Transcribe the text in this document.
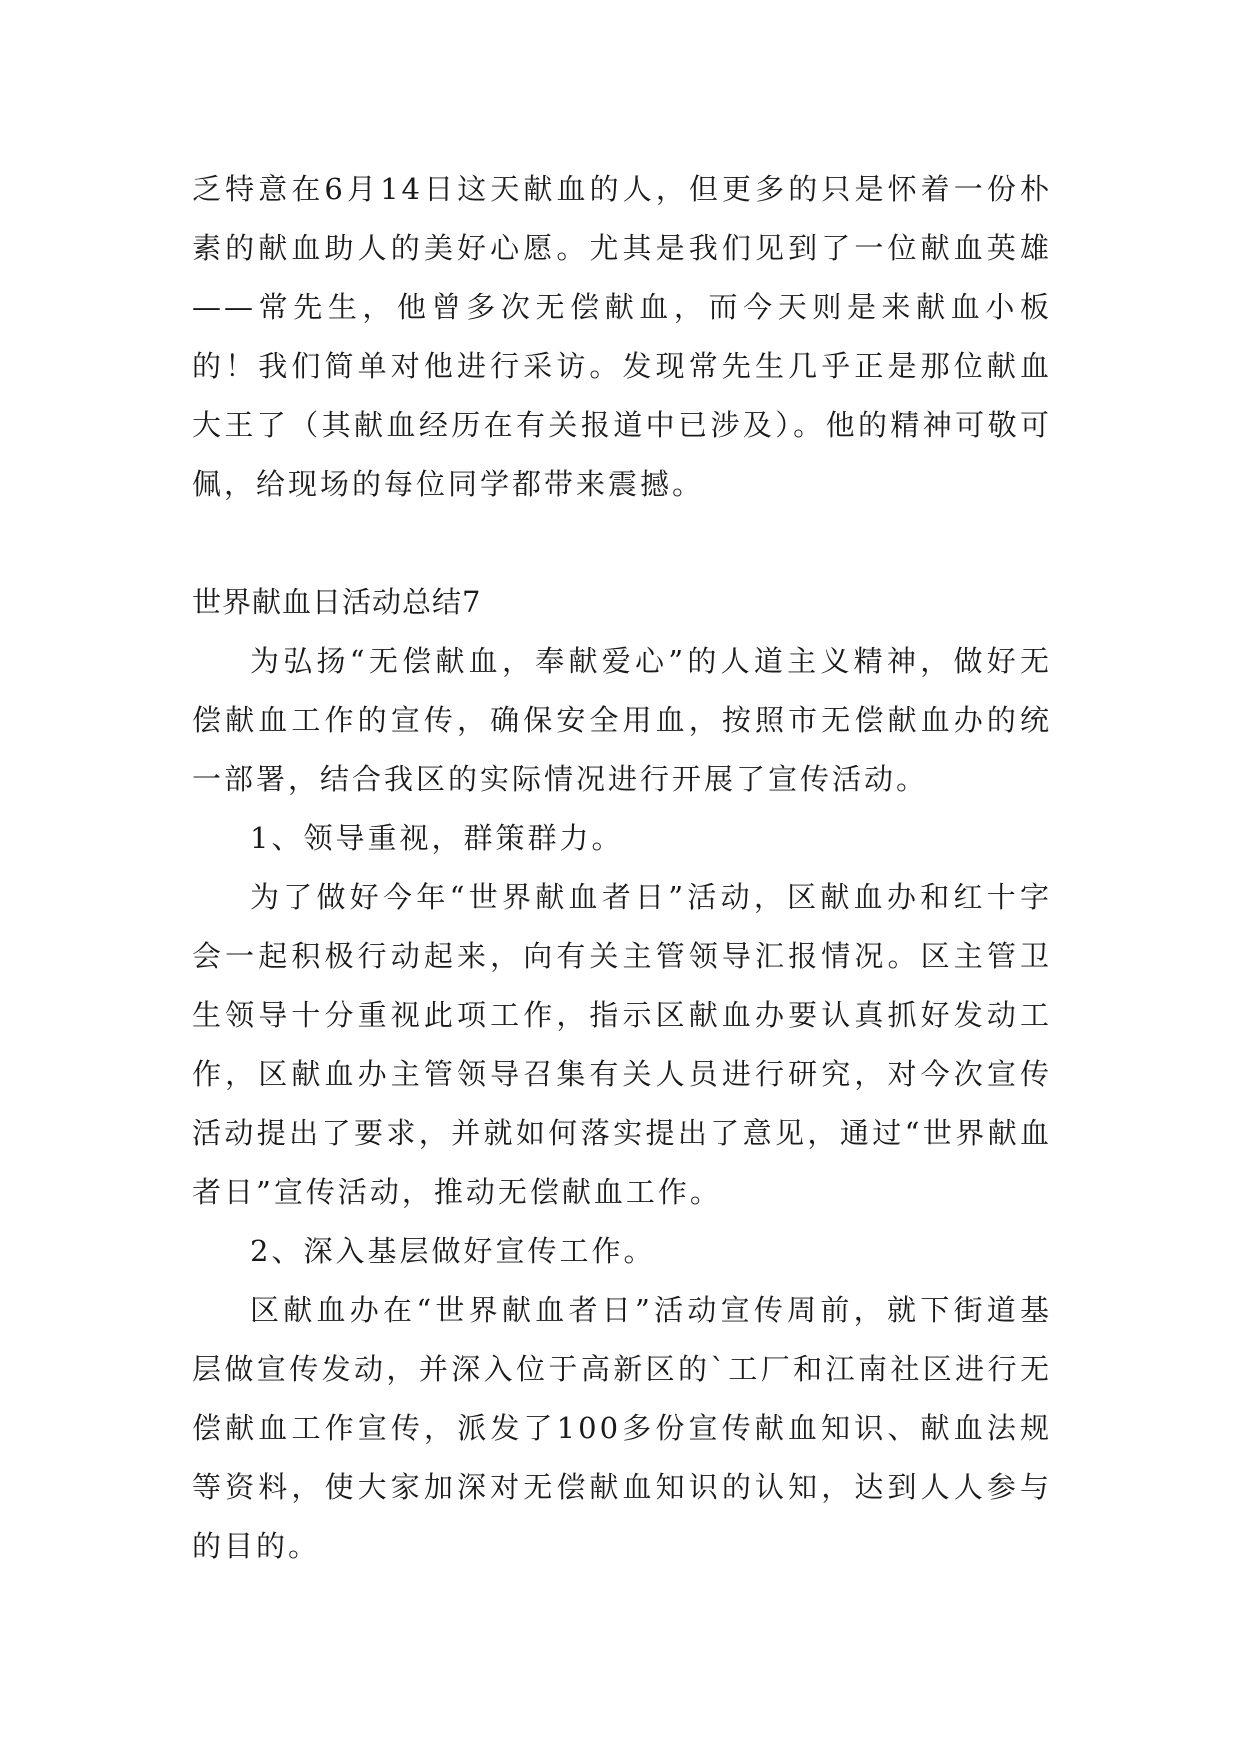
乏特意在6月14日这天献血的人，但更多的只是怀着一份朴素的献血助人的美好心愿。尤其是我们见到了一位献血英雄——常先生，他曾多次无偿献血，而今天则是来献血小板的！我们简单对他进行采访。发现常先生几乎正是那位献血大王了（其献血经历在有关报道中已涉及）。他的精神可敬可佩，给现场的每位同学都带来震撼。

世界献血日活动总结7

为弘扬“无偿献血，奉献爱心”的人道主义精神，做好无偿献血工作的宣传，确保安全用血，按照市无偿献血办的统一部署，结合我区的实际情况进行开展了宣传活动。

1、领导重视，群策群力。

为了做好今年“世界献血者日”活动，区献血办和红十字会一起积极行动起来，向有关主管领导汇报情况。区主管卫生领导十分重视此项工作，指示区献血办要认真抓好发动工作，区献血办主管领导召集有关人员进行研究，对今次宣传活动提出了要求，并就如何落实提出了意见，通过“世界献血者日”宣传活动，推动无偿献血工作。

2、深入基层做好宣传工作。

区献血办在“世界献血者日”活动宣传周前，就下街道基层做宣传发动，并深入位于高新区的`工厂和江南社区进行无偿献血工作宣传，派发了100多份宣传献血知识、献血法规等资料，使大家加深对无偿献血知识的认知，达到人人参与的目的。
